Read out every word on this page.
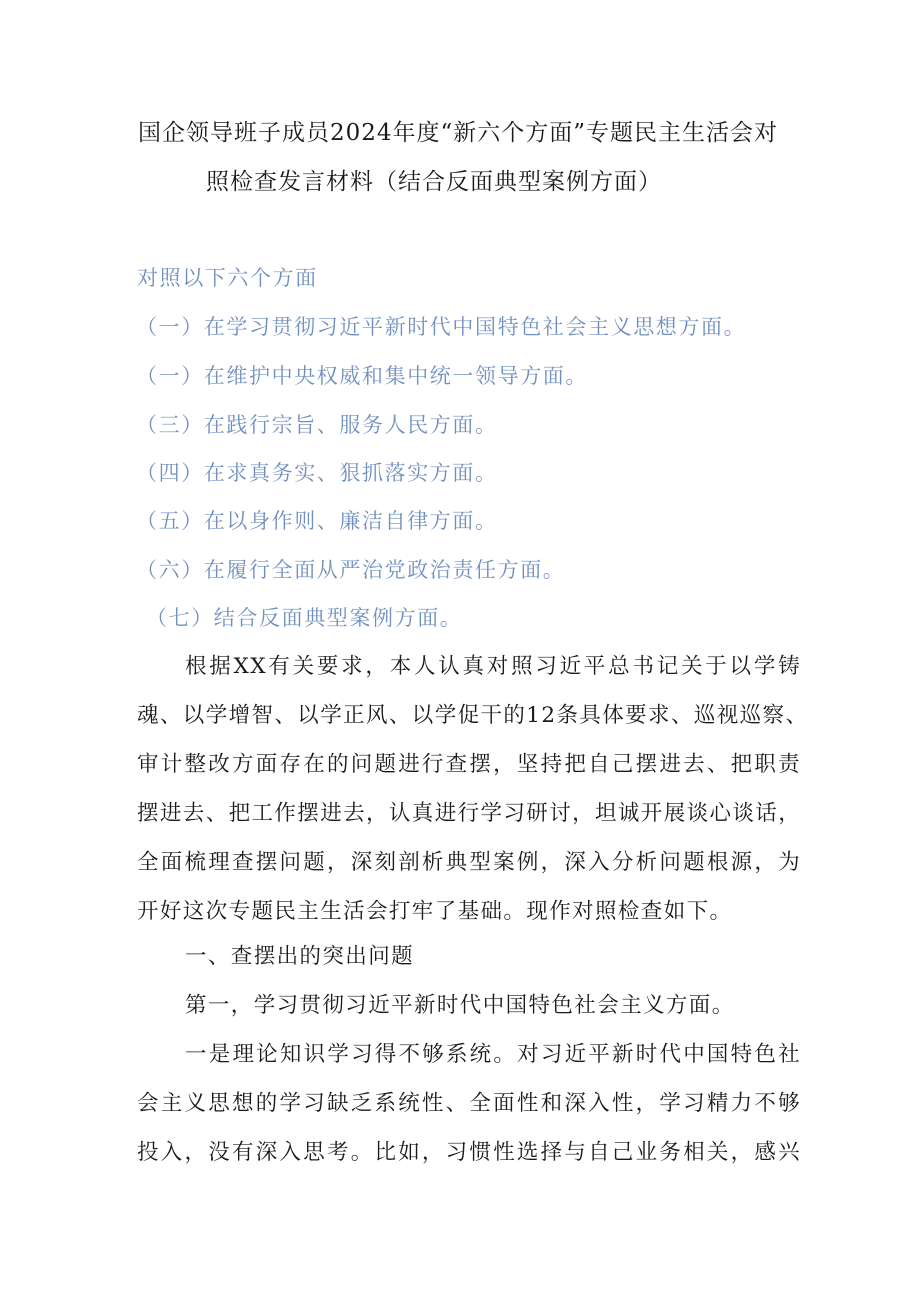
国企领导班子成员2024年度“新六个方面”专题民主生活会对
照检查发言材料（结合反面典型案例方面）
对照以下六个方面
（一）在学习贯彻习近平新时代中国特色社会主义思想方面。
（一）在维护中央权威和集中统一领导方面。
（三）在践行宗旨、服务人民方面。
（四）在求真务实、狠抓落实方面。
（五）在以身作则、廉洁自律方面。
（六）在履行全面从严治党政治责任方面。
（七）结合反面典型案例方面。
根据XX有关要求，本人认真对照习近平总书记关于以学铸
魂、以学增智、以学正风、以学促干的12条具体要求、巡视巡察、
审计整改方面存在的问题进行查摆，坚持把自己摆进去、把职责
摆进去、把工作摆进去，认真进行学习研讨，坦诚开展谈心谈话，
全面梳理查摆问题，深刻剖析典型案例，深入分析问题根源，为
开好这次专题民主生活会打牢了基础。现作对照检查如下。
一、查摆出的突出问题
第一，学习贯彻习近平新时代中国特色社会主义方面。
一是理论知识学习得不够系统。对习近平新时代中国特色社
会主义思想的学习缺乏系统性、全面性和深入性，学习精力不够
投入，没有深入思考。比如，习惯性选择与自己业务相关，感兴
